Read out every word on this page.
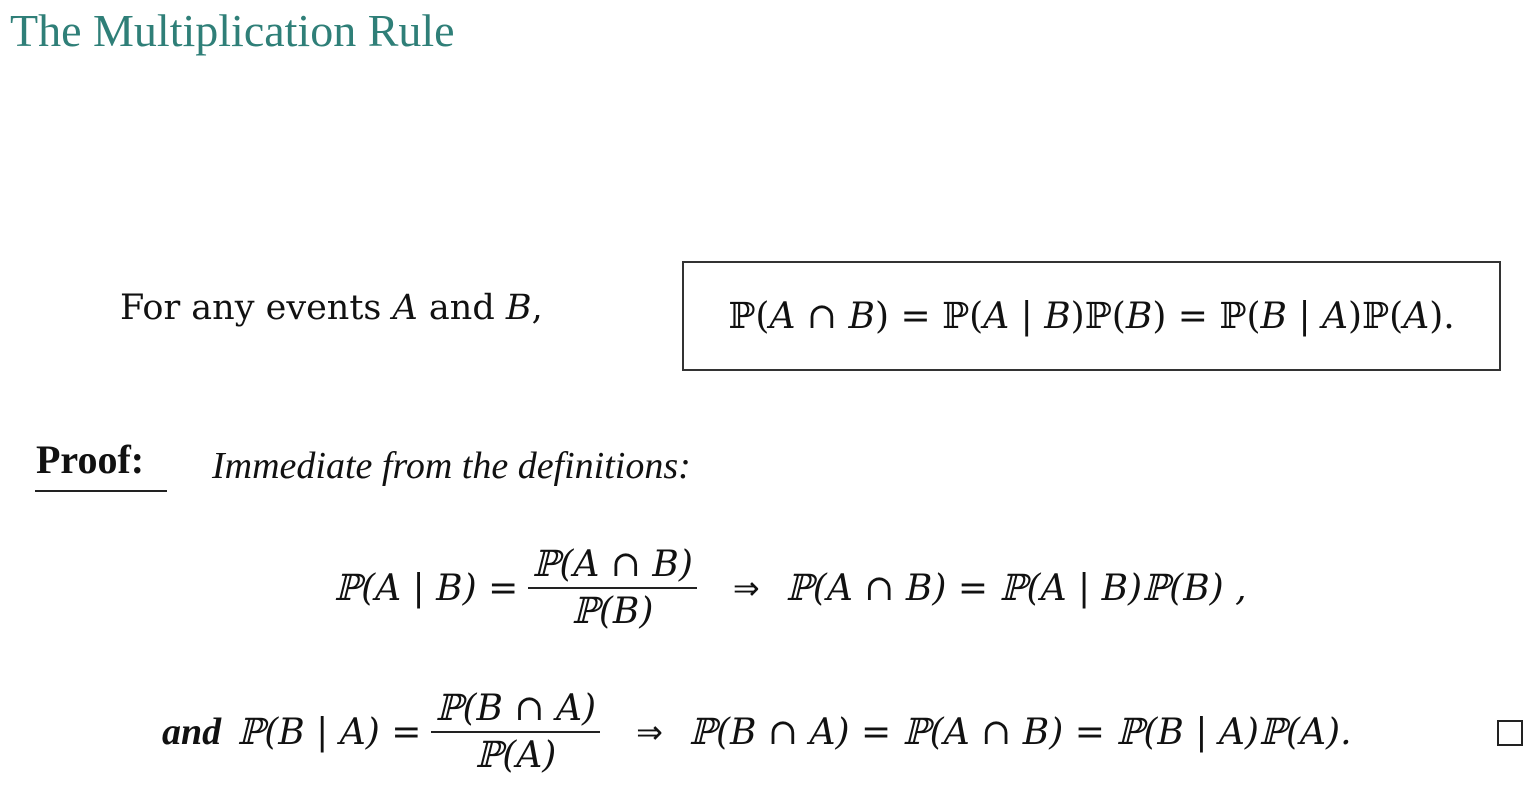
The Multiplication Rule
For any events A and B,	ℙ(A ∩ B) = ℙ(A | B)ℙ(B) = ℙ(B | A)ℙ(A).
Proof: Immediate from the definitions:
ℙ(A | $B) = \frac{\text{ℙ(A ∩ B)}}{\text{ℙ(B)}}$ ⇒ ℙ(A ∩ B) = ℙ(A | B)ℙ(B) ,
and ℙ(B | $A) = \frac{\text{ℙ(B ∩ A)}}{\text{ℙ(A)}}$ ⇒ ℙ(B ∩ A) = ℙ(A ∩ B) = ℙ(B | A)ℙ(A).
